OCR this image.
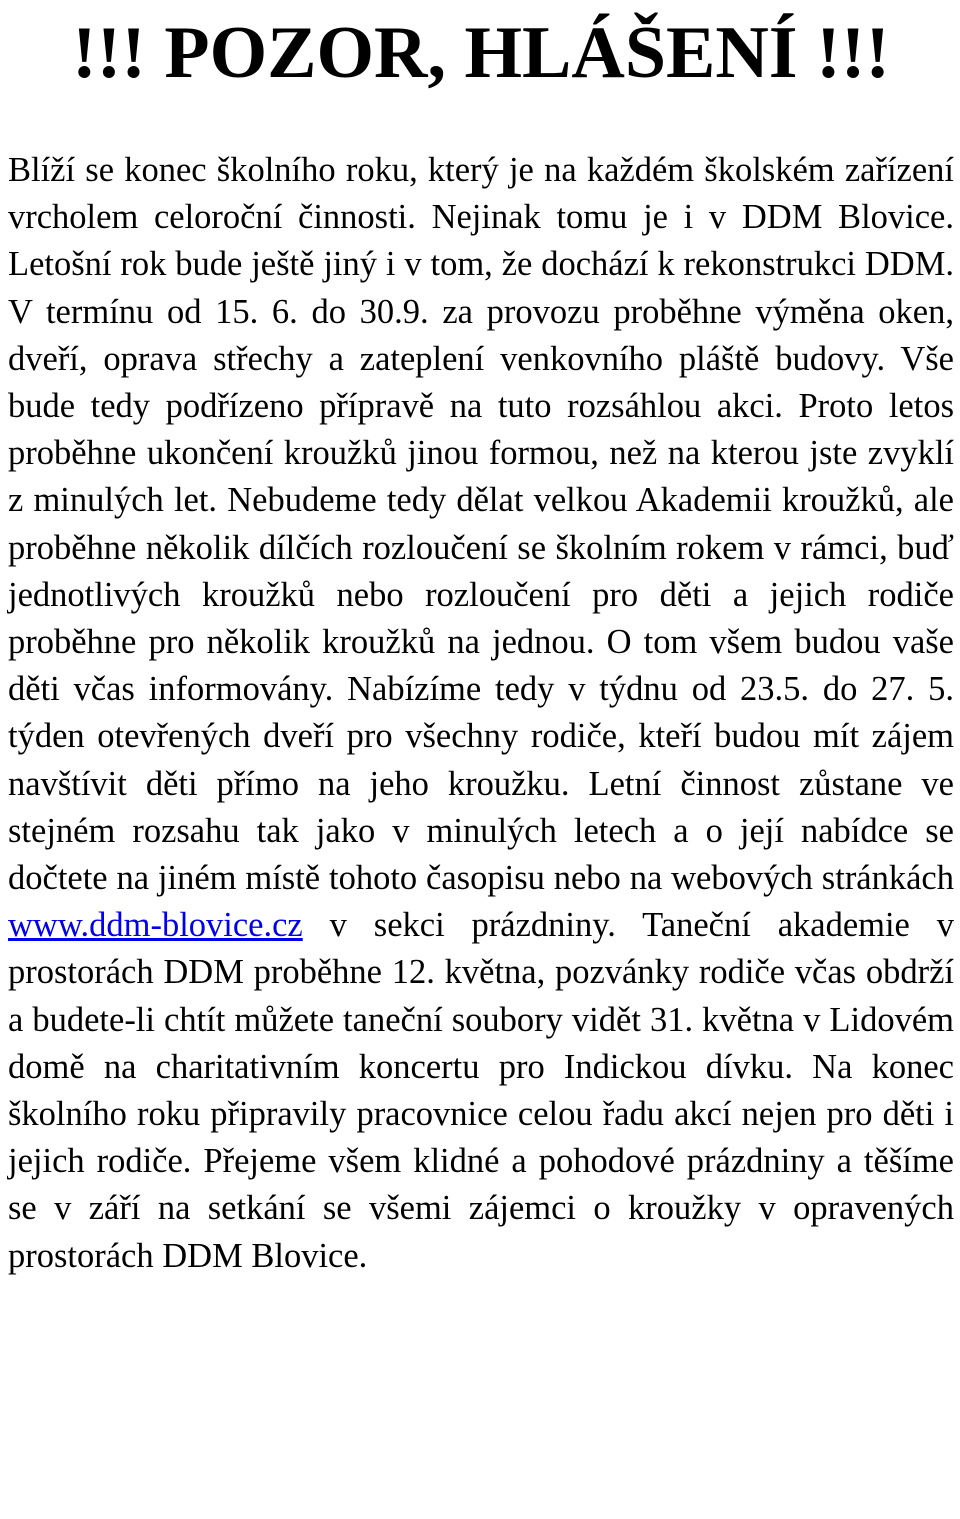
!!! POZOR, HLÁŠENÍ !!!

Blíží se konec školního roku, který je na každém školském zařízení vrcholem celoroční činnosti. Nejinak tomu je i v DDM Blovice. Letošní rok bude ještě jiný i v tom, že dochází k rekonstrukci DDM. V termínu od 15. 6. do 30.9. za provozu proběhne výměna oken, dveří, oprava střechy a zateplení venkovního pláště budovy. Vše bude tedy podřízeno přípravě na tuto rozsáhlou akci. Proto letos proběhne ukončení kroužků jinou formou, než na kterou jste zvyklí z minulých let. Nebudeme tedy dělat velkou Akademii kroužků, ale proběhne několik dílčích rozloučení se školním rokem v rámci, buď jednotlivých kroužků nebo rozloučení pro děti a jejich rodiče proběhne pro několik kroužků na jednou. O tom všem budou vaše děti včas informovány. Nabízíme tedy v týdnu od 23.5. do 27. 5. týden otevřených dveří pro všechny rodiče, kteří budou mít zájem navštívit děti přímo na jeho kroužku. Letní činnost zůstane ve stejném rozsahu tak jako v minulých letech a o její nabídce se dočtete na jiném místě tohoto časopisu nebo na webových stránkách www.ddm-blovice.cz v sekci prázdniny. Taneční akademie v prostorách DDM proběhne 12. května, pozvánky rodiče včas obdrží a budete-li chtít můžete taneční soubory vidět 31. května v Lidovém domě na charitativním koncertu pro Indickou dívku. Na konec školního roku připravily pracovnice celou řadu akcí nejen pro děti i jejich rodiče. Přejeme všem klidné a pohodové prázdniny a těšíme se v září na setkání se všemi zájemci o kroužky v opravených prostorách DDM Blovice.
